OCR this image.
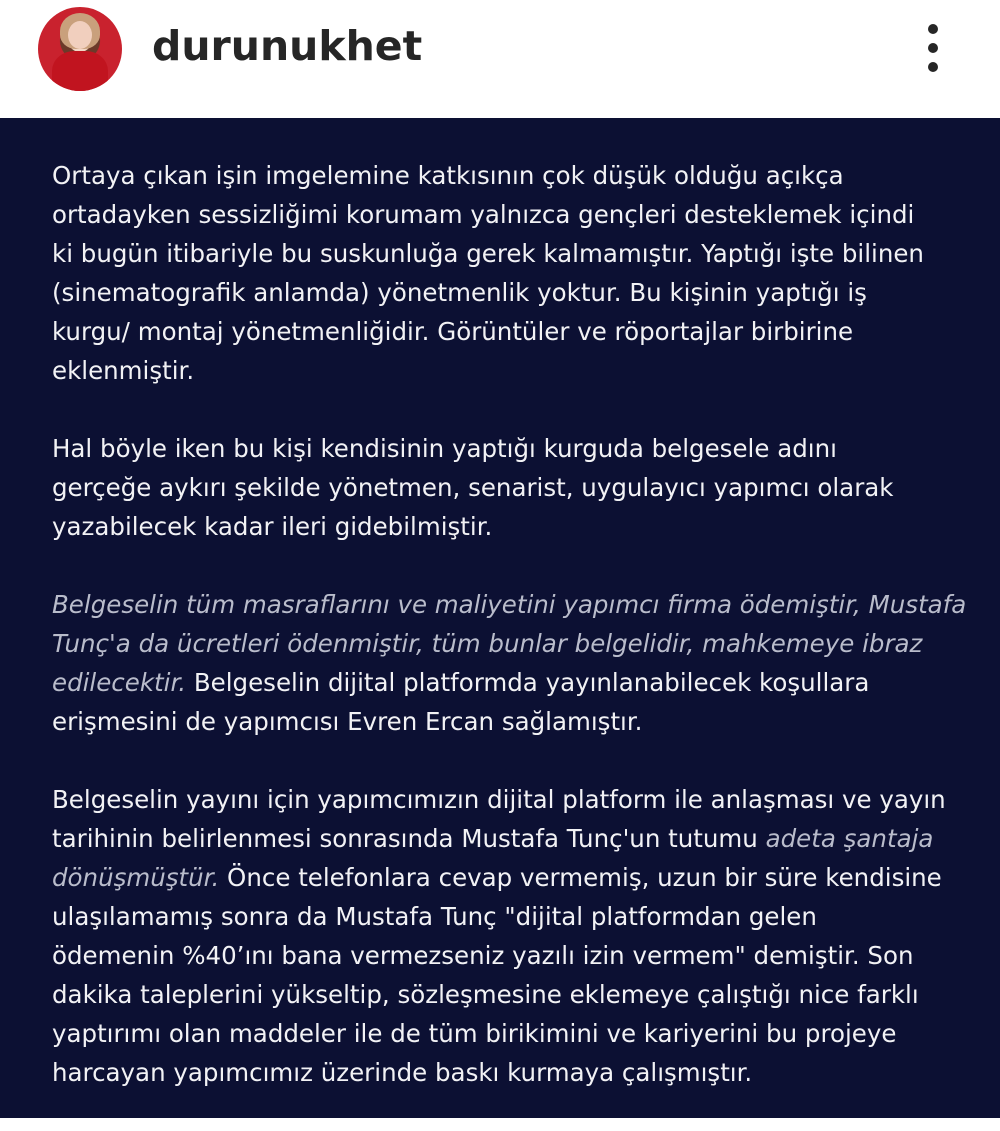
durunukhet

Ortaya çıkan işin imgelemine katkısının çok düşük olduğu açıkça
ortadayken sessizliğimi korumam yalnızca gençleri desteklemek içindi
ki bugün itibariyle bu suskunluğa gerek kalmamıştır. Yaptığı işte bilinen
(sinematografik anlamda) yönetmenlik yoktur. Bu kişinin yaptığı iş
kurgu/ montaj yönetmenliğidir. Görüntüler ve röportajlar birbirine
eklenmiştir.

Hal böyle iken bu kişi kendisinin yaptığı kurguda belgesele adını
gerçeğe aykırı şekilde yönetmen, senarist, uygulayıcı yapımcı olarak
yazabilecek kadar ileri gidebilmiştir.

Belgeselin tüm masraflarını ve maliyetini yapımcı firma ödemiştir, Mustafa
Tunç'a da ücretleri ödenmiştir, tüm bunlar belgelidir, mahkemeye ibraz
edilecektir. Belgeselin dijital platformda yayınlanabilecek koşullara
erişmesini de yapımcısı Evren Ercan sağlamıştır.

Belgeselin yayını için yapımcımızın dijital platform ile anlaşması ve yayın
tarihinin belirlenmesi sonrasında Mustafa Tunç'un tutumu adeta şantaja
dönüşmüştür. Önce telefonlara cevap vermemiş, uzun bir süre kendisine
ulaşılamamış sonra da Mustafa Tunç "dijital platformdan gelen
ödemenin %40’ını bana vermezseniz yazılı izin vermem" demiştir. Son
dakika taleplerini yükseltip, sözleşmesine eklemeye çalıştığı nice farklı
yaptırımı olan maddeler ile de tüm birikimini ve kariyerini bu projeye
harcayan yapımcımız üzerinde baskı kurmaya çalışmıştır.
